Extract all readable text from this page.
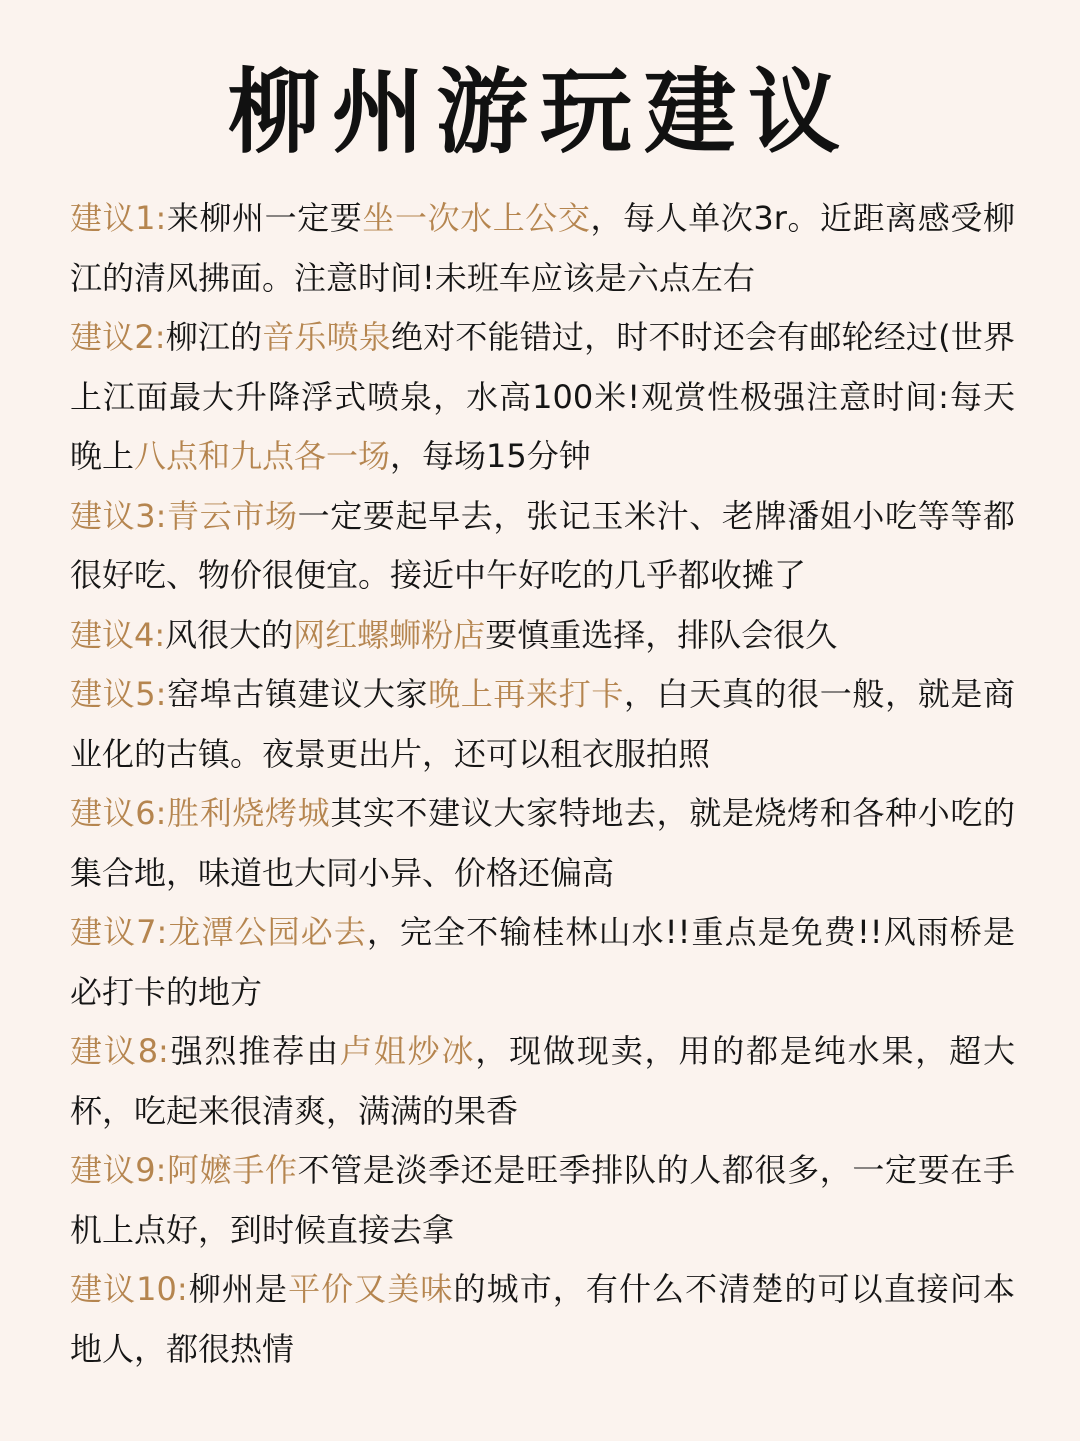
柳州游玩建议

建议1:来柳州一定要坐一次水上公交，每人单次3r。近距离感受柳江的清风拂面。注意时间!未班车应该是六点左右

建议2:柳江的音乐喷泉绝对不能错过，时不时还会有邮轮经过(世界上江面最大升降浮式喷泉，水高100米!观赏性极强注意时间:每天晚上八点和九点各一场，每场15分钟

建议3:青云市场一定要起早去，张记玉米汁、老牌潘姐小吃等等都很好吃、物价很便宜。接近中午好吃的几乎都收摊了

建议4:风很大的网红螺蛳粉店要慎重选择，排队会很久

建议5:窑埠古镇建议大家晚上再来打卡，白天真的很一般，就是商业化的古镇。夜景更出片，还可以租衣服拍照

建议6:胜利烧烤城其实不建议大家特地去，就是烧烤和各种小吃的集合地，味道也大同小异、价格还偏高

建议7:龙潭公园必去，完全不输桂林山水!!重点是免费!!风雨桥是必打卡的地方

建议8:强烈推荐由卢姐炒冰，现做现卖，用的都是纯水果，超大杯，吃起来很清爽，满满的果香

建议9:阿嬷手作不管是淡季还是旺季排队的人都很多，一定要在手机上点好，到时候直接去拿

建议10:柳州是平价又美味的城市，有什么不清楚的可以直接问本地人，都很热情
